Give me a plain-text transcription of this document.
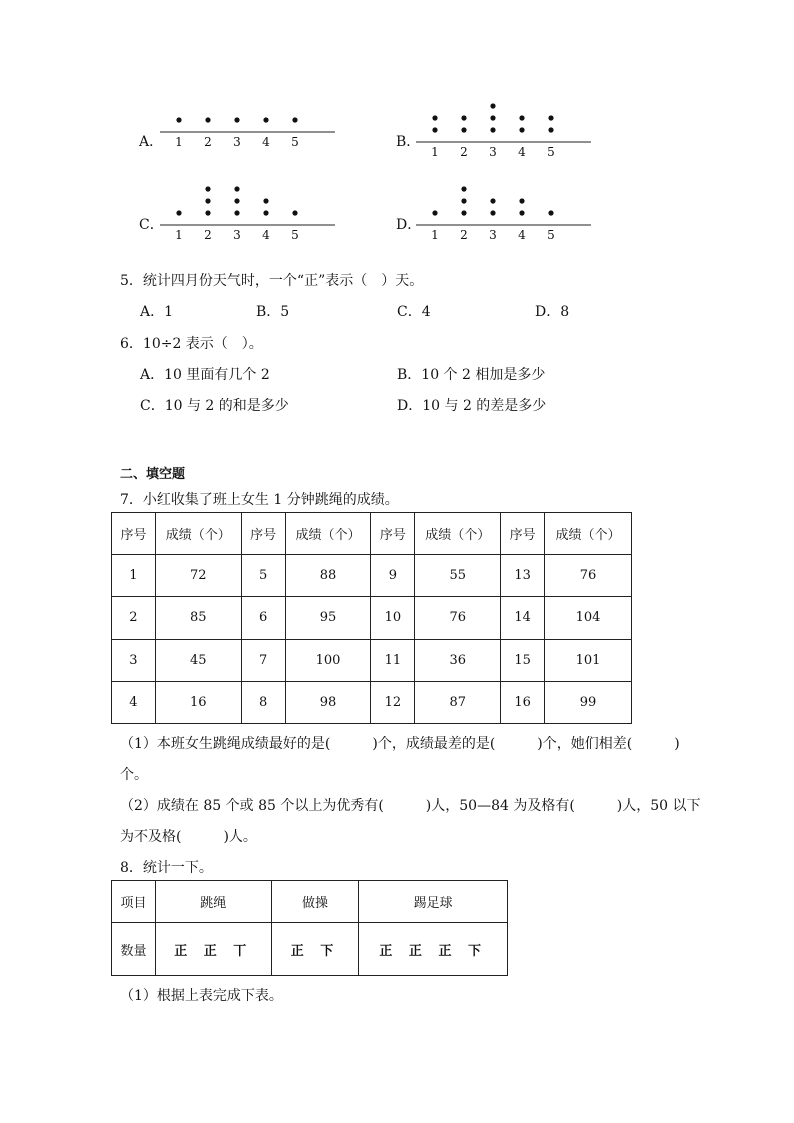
A． 1 2 3 4 5	B．
1 2 3 4 5
C．
1 2 3 4 5
D．
1 2 3 4 5
5．统计四月份天气时，一个“正”表示（　）天。
A．1	B．5	C．4	D．8
6．10÷2 表示（　）。
A．10 里面有几个 2	B．10 个 2 相加是多少
C．10 与 2 的和是多少	D．10 与 2 的差是多少
二、填空题
7．小红收集了班上女生 1 分钟跳绳的成绩。
序号	成绩（个）	序号	成绩（个）	序号	成绩（个）	序号	成绩（个）
1	72	5	88	9	55	13	76
2	85	6	95	10	76	14	104
3	45	7	100	11	36	15	101
4	16	8	98	12	87	16	99
（1）本班女生跳绳成绩最好的是(　　　)个，成绩最差的是(　　　)个，她们相差(　　　)
个。
（2）成绩在 85 个或 85 个以上为优秀有(　　　)人，50—84 为及格有(　　　)人，50 以下
为不及格(　　　)人。
8．统计一下。
项目	跳绳	做操	踢足球
数量	正 正 丅	正 下	正 正 正 下
（1）根据上表完成下表。
